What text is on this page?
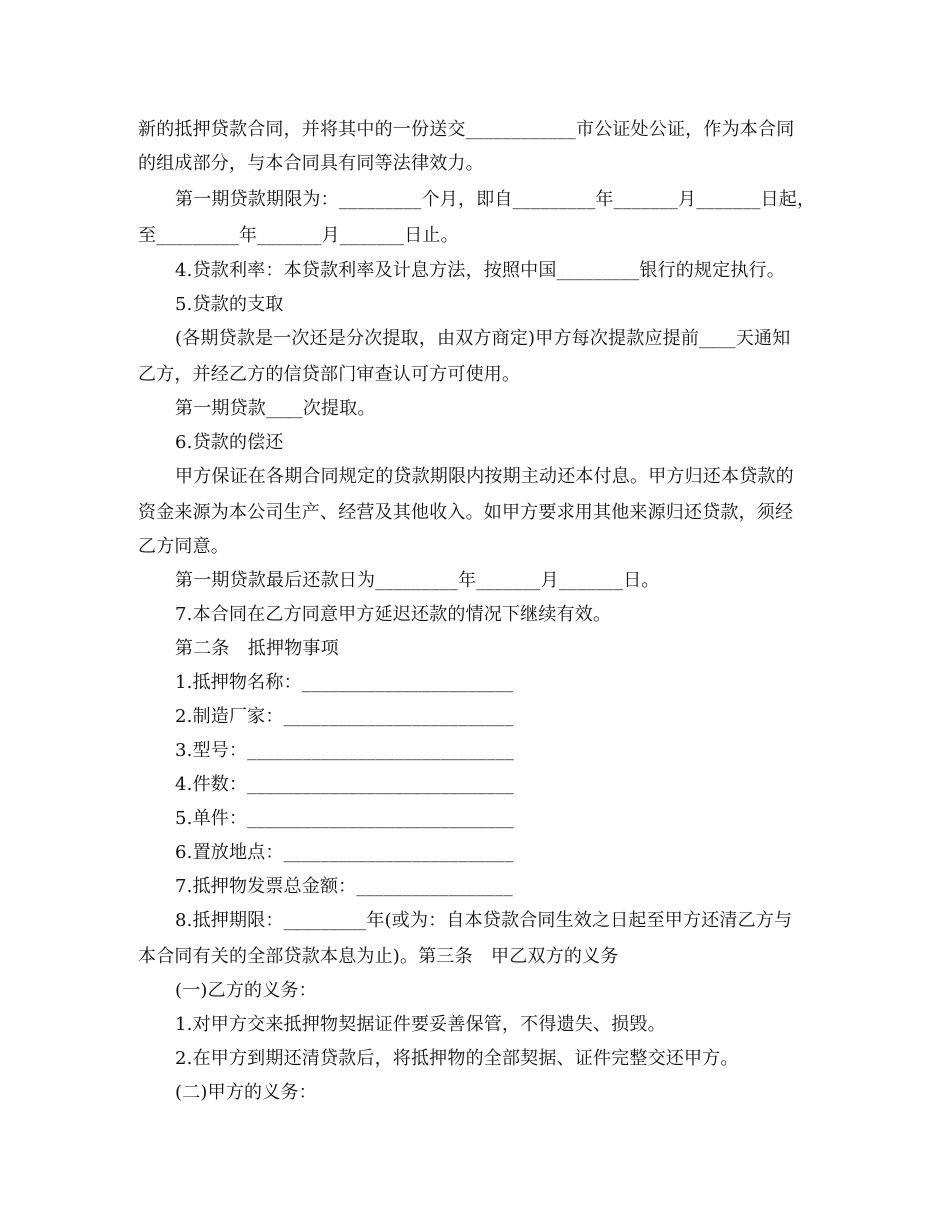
新的抵押贷款合同，并将其中的一份送交____________市公证处公证，作为本合同
的组成部分，与本合同具有同等法律效力。
第一期贷款期限为：_________个月，即自_________年_______月_______日起，
至_________年_______月_______日止。
4.贷款利率：本贷款利率及计息方法，按照中国_________银行的规定执行。
5.贷款的支取
(各期贷款是一次还是分次提取，由双方商定)甲方每次提款应提前____天通知
乙方，并经乙方的信贷部门审查认可方可使用。
第一期贷款____次提取。
6.贷款的偿还
甲方保证在各期合同规定的贷款期限内按期主动还本付息。甲方归还本贷款的
资金来源为本公司生产、经营及其他收入。如甲方要求用其他来源归还贷款，须经
乙方同意。
第一期贷款最后还款日为_________年_______月_______日。
7.本合同在乙方同意甲方延迟还款的情况下继续有效。
第二条　抵押物事项
1.抵押物名称：_______________________
2.制造厂家：_________________________
3.型号：_____________________________
4.件数：_____________________________
5.单件：_____________________________
6.置放地点：_________________________
7.抵押物发票总金额：_________________
8.抵押期限：_________年(或为：自本贷款合同生效之日起至甲方还清乙方与
本合同有关的全部贷款本息为止)。第三条　甲乙双方的义务
(一)乙方的义务：
1.对甲方交来抵押物契据证件要妥善保管，不得遗失、损毁。
2.在甲方到期还清贷款后，将抵押物的全部契据、证件完整交还甲方。
(二)甲方的义务：
